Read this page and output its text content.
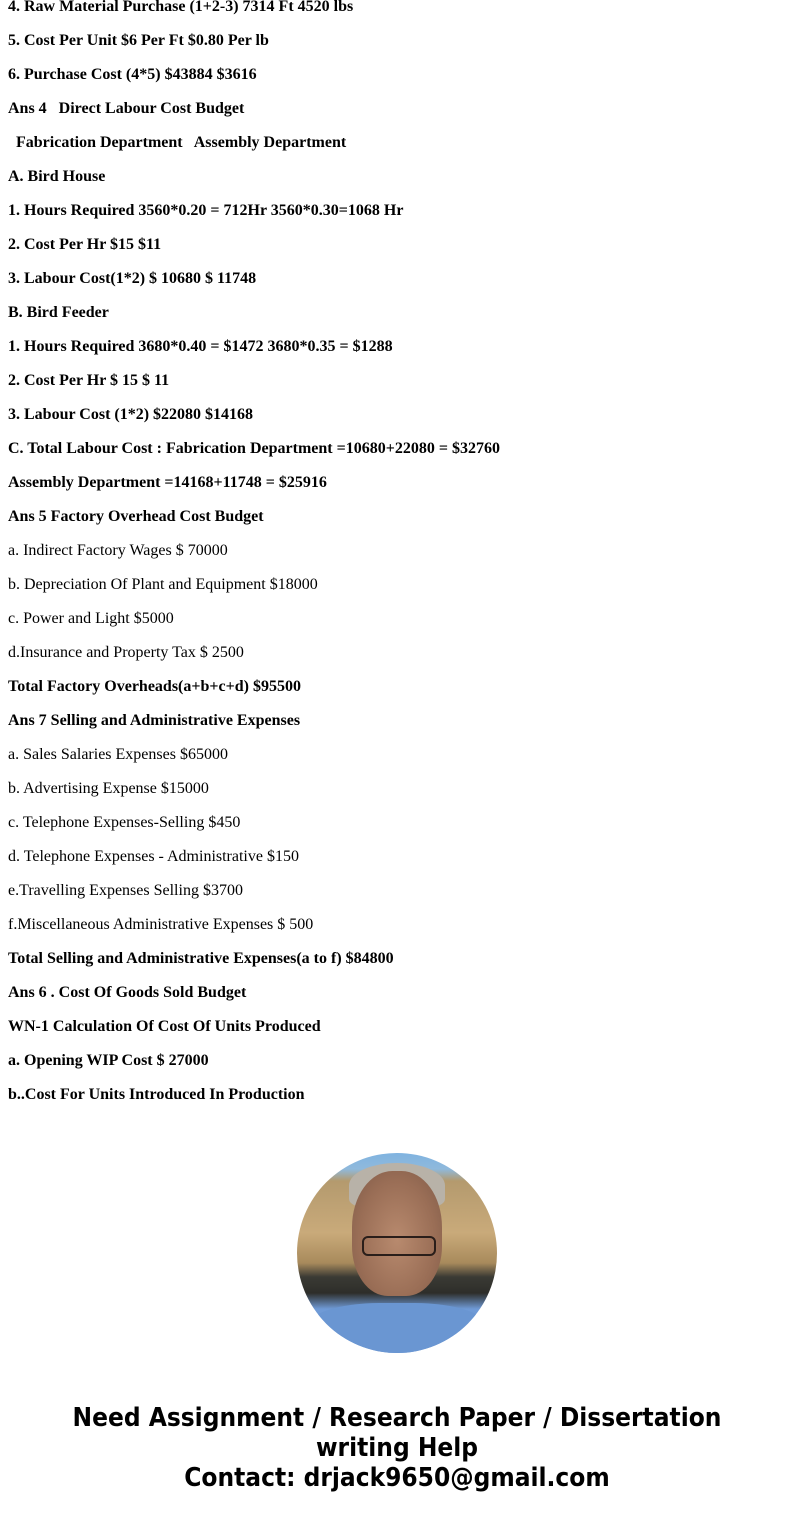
4. Raw Material Purchase (1+2-3) 7314 Ft 4520 lbs
5. Cost Per Unit $6 Per Ft $0.80 Per lb
6. Purchase Cost (4*5) $43884 $3616
Ans 4   Direct Labour Cost Budget
Fabrication Department   Assembly Department
A. Bird House
1. Hours Required 3560*0.20 = 712Hr 3560*0.30=1068 Hr
2. Cost Per Hr $15 $11
3. Labour Cost(1*2) $ 10680 $ 11748
B. Bird Feeder
1. Hours Required 3680*0.40 = $1472 3680*0.35 = $1288
2. Cost Per Hr $ 15 $ 11
3. Labour Cost (1*2) $22080 $14168
C. Total Labour Cost : Fabrication Department =10680+22080 = $32760
Assembly Department =14168+11748 = $25916
Ans 5 Factory Overhead Cost Budget
a. Indirect Factory Wages $ 70000
b. Depreciation Of Plant and Equipment $18000
c. Power and Light $5000
d.Insurance and Property Tax $ 2500
Total Factory Overheads(a+b+c+d) $95500
Ans 7 Selling and Administrative Expenses
a. Sales Salaries Expenses $65000
b. Advertising Expense $15000
c. Telephone Expenses-Selling $450
d. Telephone Expenses - Administrative $150
e.Travelling Expenses Selling $3700
f.Miscellaneous Administrative Expenses $ 500
Total Selling and Administrative Expenses(a to f) $84800
Ans 6 . Cost Of Goods Sold Budget
WN-1 Calculation Of Cost Of Units Produced
a. Opening WIP Cost $ 27000
b..Cost For Units Introduced In Production
Need Assignment / Research Paper / Dissertation
writing Help
Contact: drjack9650@gmail.com
